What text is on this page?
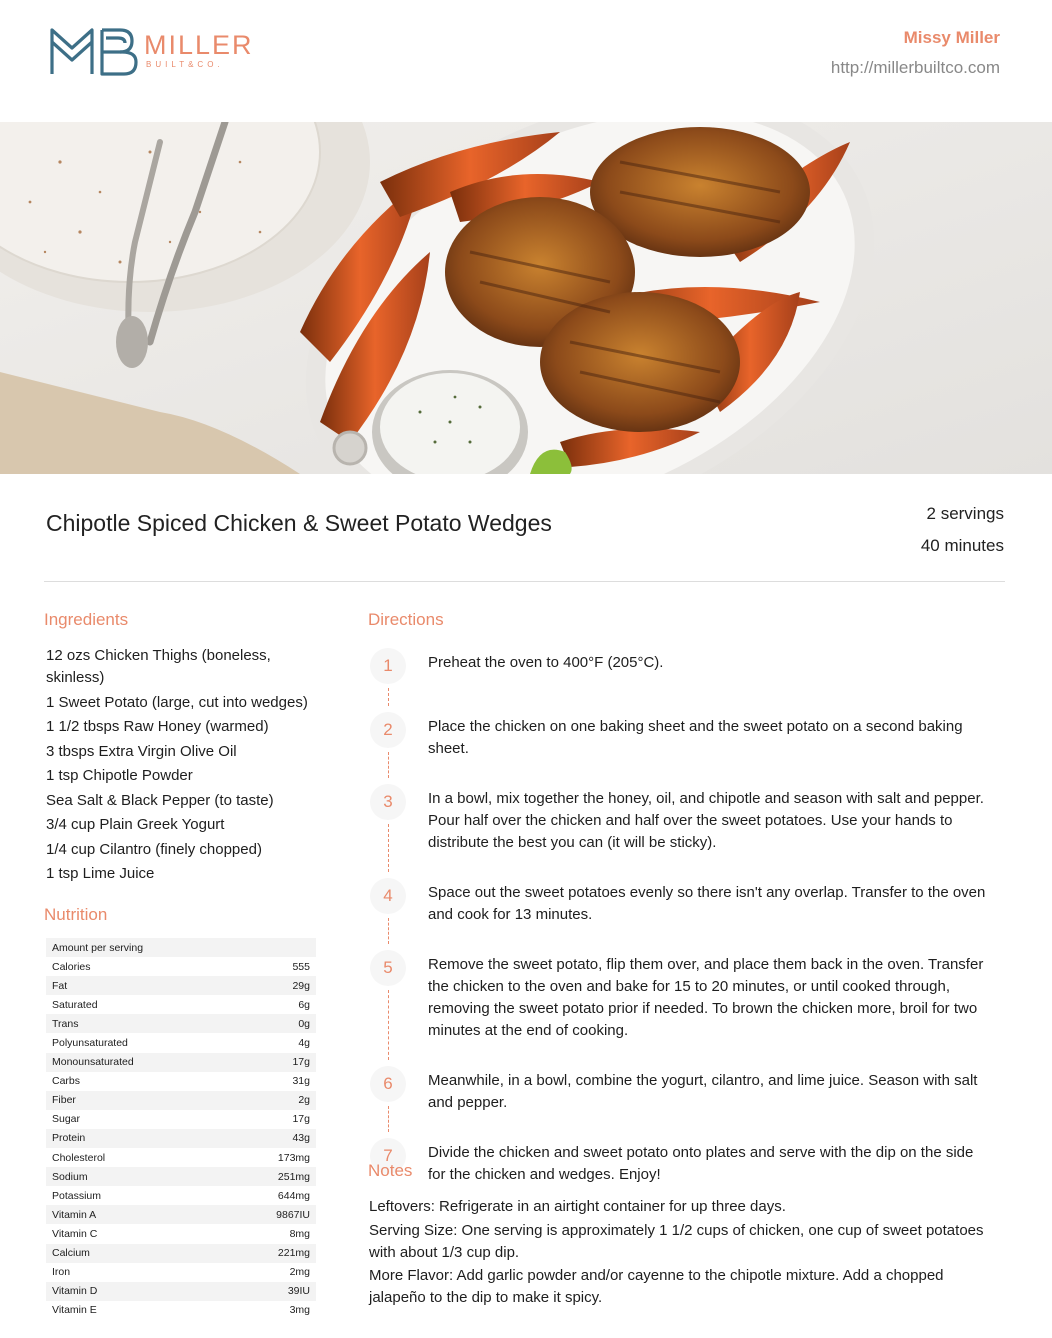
MILLER
BUILT&CO.
Missy Miller
http://millerbuiltco.com
Chipotle Spiced Chicken & Sweet Potato Wedges	2 servings
40 minutes
Ingredients
12 ozs Chicken Thighs (boneless, skinless)
1 Sweet Potato (large, cut into wedges)
1 1/2 tbsps Raw Honey (warmed)
3 tbsps Extra Virgin Olive Oil
1 tsp Chipotle Powder
Sea Salt & Black Pepper (to taste)
3/4 cup Plain Greek Yogurt
1/4 cup Cilantro (finely chopped)
1 tsp Lime Juice
Nutrition
Amount per serving	
Calories	555
Fat	29g
Saturated	6g
Trans	0g
Polyunsaturated	4g
Monounsaturated	17g
Carbs	31g
Fiber	2g
Sugar	17g
Protein	43g
Cholesterol	173mg
Sodium	251mg
Potassium	644mg
Vitamin A	9867IU
Vitamin C	8mg
Calcium	221mg
Iron	2mg
Vitamin D	39IU
Vitamin E	3mg
Directions
1	Preheat the oven to 400°F (205°C).

2	Place the chicken on one baking sheet and the sweet potato on a second baking sheet.

3	In a bowl, mix together the honey, oil, and chipotle and season with salt and pepper. Pour half over the chicken and half over the sweet potatoes. Use your hands to distribute the best you can (it will be sticky).

4	Space out the sweet potatoes evenly so there isn't any overlap. Transfer to the oven and cook for 13 minutes.

5	Remove the sweet potato, flip them over, and place them back in the oven. Transfer the chicken to the oven and bake for 15 to 20 minutes, or until cooked through, removing the sweet potato prior if needed. To brown the chicken more, broil for two minutes at the end of cooking.

6	Meanwhile, in a bowl, combine the yogurt, cilantro, and lime juice. Season with salt and pepper.

7	Divide the chicken and sweet potato onto plates and serve with the dip on the side for the chicken and wedges. Enjoy!

Notes

Leftovers: Refrigerate in an airtight container for up three days.

Serving Size: One serving is approximately 1 1/2 cups of chicken, one cup of sweet potatoes with about 1/3 cup dip.

More Flavor: Add garlic powder and/or cayenne to the chipotle mixture. Add a chopped jalapeño to the dip to make it spicy.
